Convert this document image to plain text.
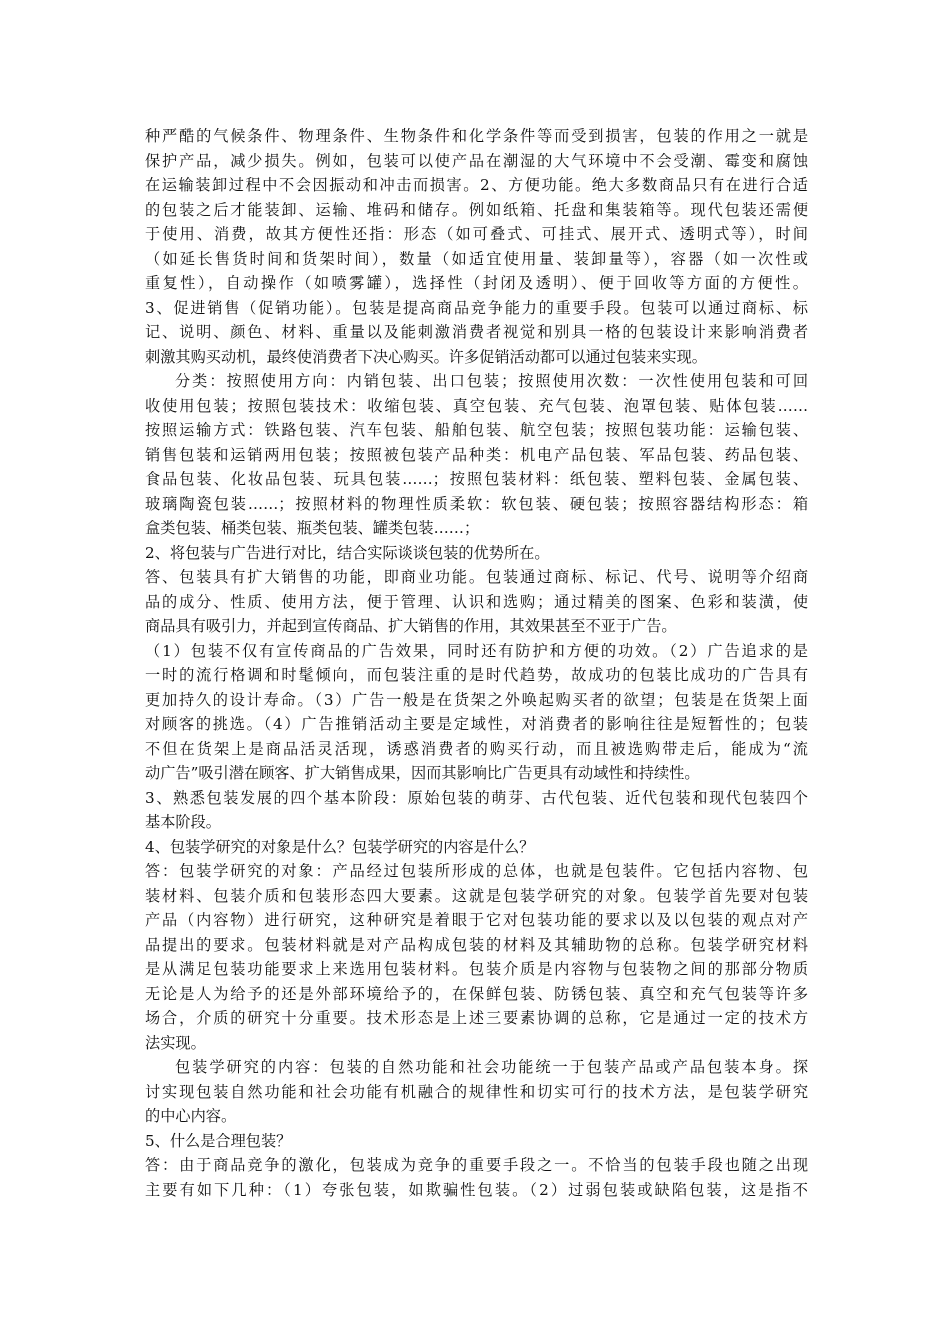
种严酷的气候条件、物理条件、生物条件和化学条件等而受到损害，包装的作用之一就是
保护产品，减少损失。例如，包装可以使产品在潮湿的大气环境中不会受潮、霉变和腐蚀
在运输装卸过程中不会因振动和冲击而损害。2、方便功能。绝大多数商品只有在进行合适
的包装之后才能装卸、运输、堆码和储存。例如纸箱、托盘和集装箱等。现代包装还需便
于使用、消费，故其方便性还指：形态（如可叠式、可挂式、展开式、透明式等），时间
（如延长售货时间和货架时间），数量（如适宜使用量、装卸量等），容器（如一次性或
重复性），自动操作（如喷雾罐），选择性（封闭及透明）、便于回收等方面的方便性。
3、促进销售（促销功能）。包装是提高商品竞争能力的重要手段。包装可以通过商标、标
记、说明、颜色、材料、重量以及能刺激消费者视觉和别具一格的包装设计来影响消费者
刺激其购买动机，最终使消费者下决心购买。许多促销活动都可以通过包装来实现。
分类：按照使用方向：内销包装、出口包装；按照使用次数：一次性使用包装和可回
收使用包装；按照包装技术：收缩包装、真空包装、充气包装、泡罩包装、贴体包装……
按照运输方式：铁路包装、汽车包装、船舶包装、航空包装；按照包装功能：运输包装、
销售包装和运销两用包装；按照被包装产品种类：机电产品包装、军品包装、药品包装、
食品包装、化妆品包装、玩具包装……；按照包装材料：纸包装、塑料包装、金属包装、
玻璃陶瓷包装……；按照材料的物理性质柔软：软包装、硬包装；按照容器结构形态：箱
盒类包装、桶类包装、瓶类包装、罐类包装……；
2、将包装与广告进行对比，结合实际谈谈包装的优势所在。
答、包装具有扩大销售的功能，即商业功能。包装通过商标、标记、代号、说明等介绍商
品的成分、性质、使用方法，便于管理、认识和选购；通过精美的图案、色彩和装潢，使
商品具有吸引力，并起到宣传商品、扩大销售的作用，其效果甚至不亚于广告。
（1）包装不仅有宣传商品的广告效果，同时还有防护和方便的功效。（2）广告追求的是
一时的流行格调和时髦倾向，而包装注重的是时代趋势，故成功的包装比成功的广告具有
更加持久的设计寿命。（3）广告一般是在货架之外唤起购买者的欲望；包装是在货架上面
对顾客的挑选。（4）广告推销活动主要是定域性，对消费者的影响往往是短暂性的；包装
不但在货架上是商品活灵活现，诱惑消费者的购买行动，而且被选购带走后，能成为“流
动广告”吸引潜在顾客、扩大销售成果，因而其影响比广告更具有动域性和持续性。
3、熟悉包装发展的四个基本阶段：原始包装的萌芽、古代包装、近代包装和现代包装四个
基本阶段。
4、包装学研究的对象是什么？包装学研究的内容是什么？
答：包装学研究的对象：产品经过包装所形成的总体，也就是包装件。它包括内容物、包
装材料、包装介质和包装形态四大要素。这就是包装学研究的对象。包装学首先要对包装
产品（内容物）进行研究，这种研究是着眼于它对包装功能的要求以及以包装的观点对产
品提出的要求。包装材料就是对产品构成包装的材料及其辅助物的总称。包装学研究材料
是从满足包装功能要求上来选用包装材料。包装介质是内容物与包装物之间的那部分物质
无论是人为给予的还是外部环境给予的，在保鲜包装、防锈包装、真空和充气包装等许多
场合，介质的研究十分重要。技术形态是上述三要素协调的总称，它是通过一定的技术方
法实现。
包装学研究的内容：包装的自然功能和社会功能统一于包装产品或产品包装本身。探
讨实现包装自然功能和社会功能有机融合的规律性和切实可行的技术方法，是包装学研究
的中心内容。
5、什么是合理包装？
答：由于商品竞争的激化，包装成为竞争的重要手段之一。不恰当的包装手段也随之出现
主要有如下几种：（1）夸张包装，如欺骗性包装。（2）过弱包装或缺陷包装，这是指不
